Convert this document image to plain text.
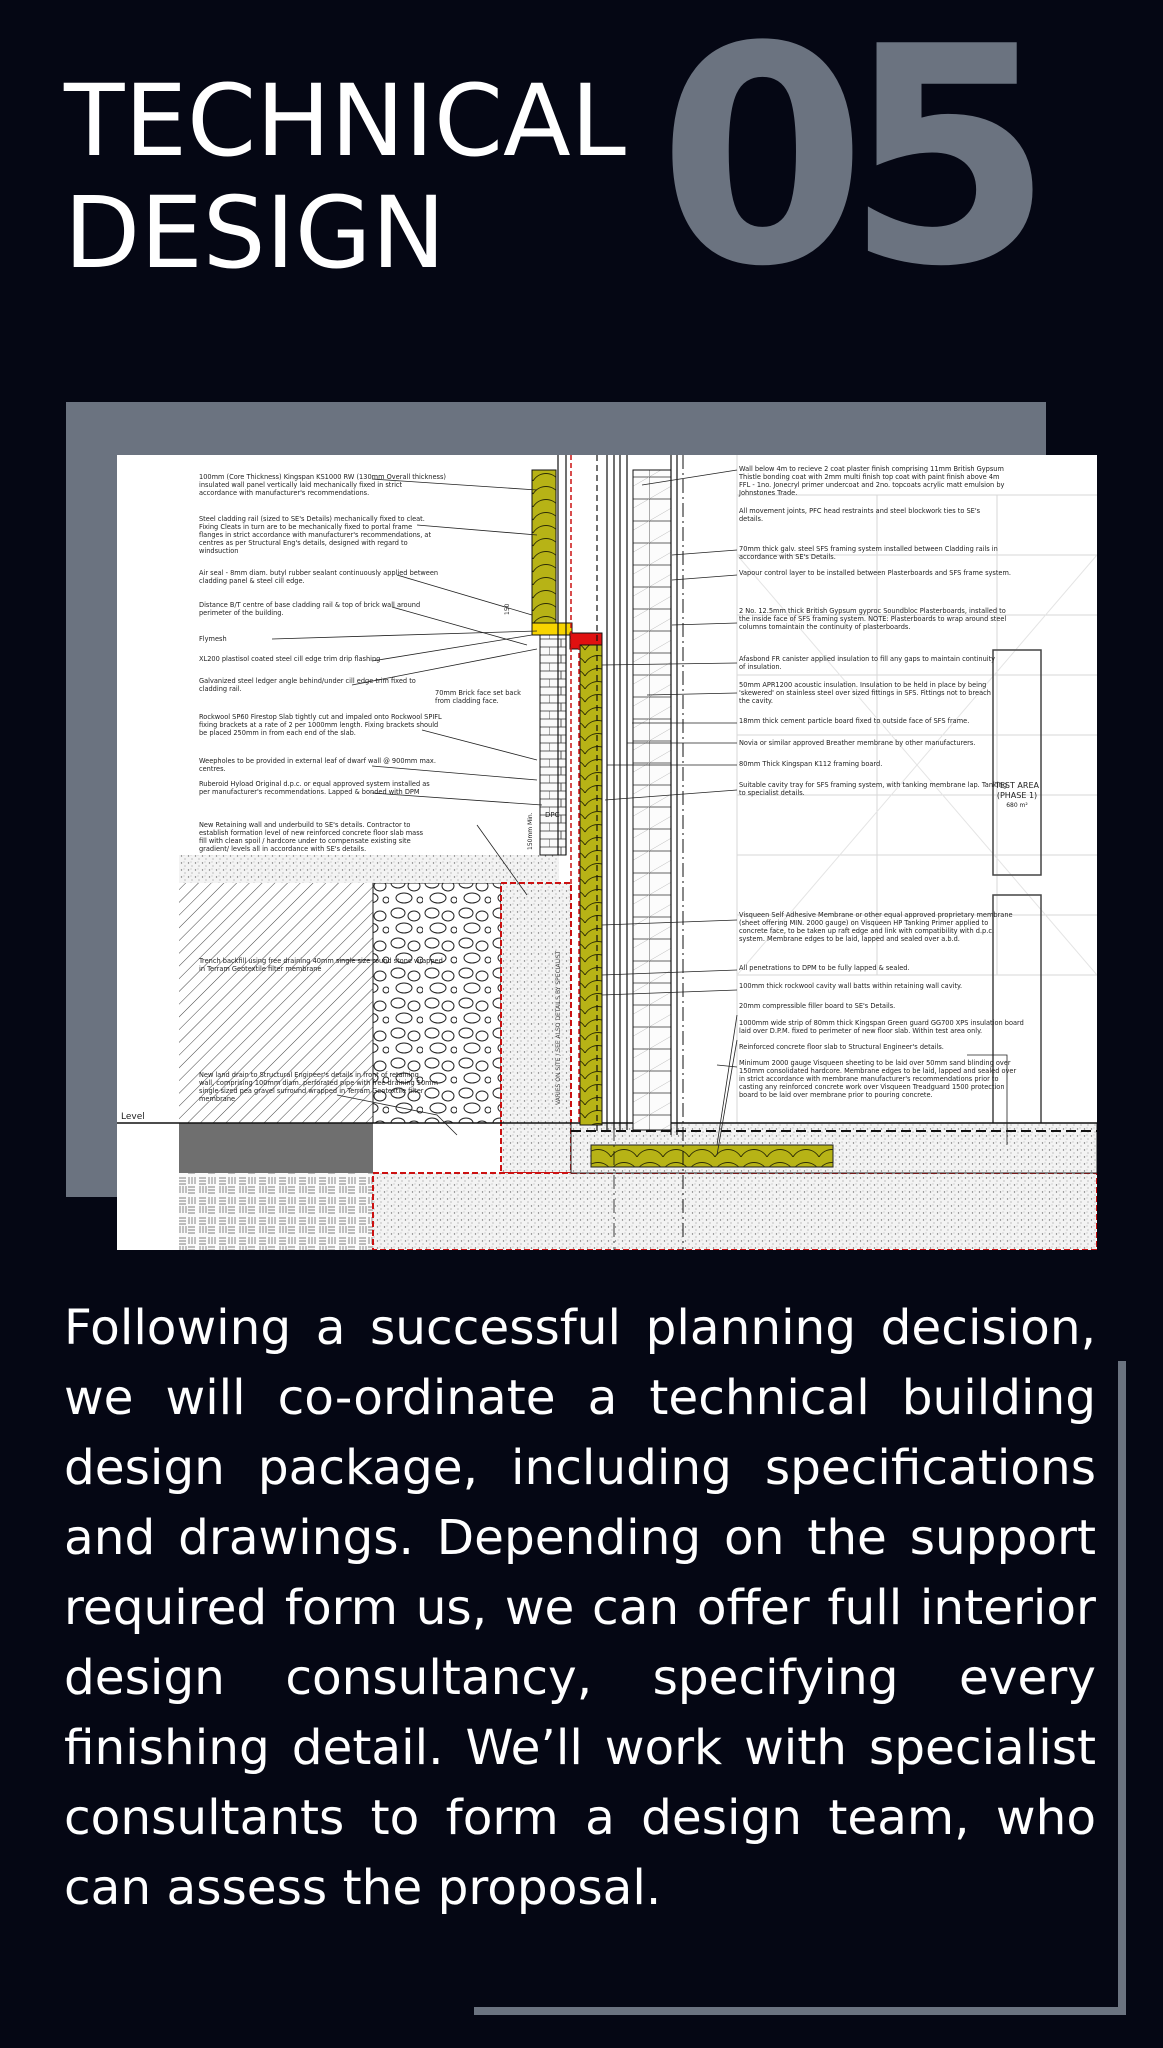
05
TECHNICAL
DESIGN
100mm (Core Thickness) Kingspan KS1000 RW (130mm Overall thickness) insulated wall panel vertically laid mechanically fixed in strict accordance with manufacturer's recommendations.
Steel cladding rail (sized to SE's Details) mechanically fixed to cleat. Fixing Cleats in turn are to be mechanically fixed to portal frame flanges in strict accordance with manufacturer's recommendations, at centres as per Structural Eng's details, designed with regard to windsuction
Air seal - 8mm diam. butyl rubber sealant continuously applied between cladding panel & steel cill edge.
Distance B/T centre of base cladding rail & top of brick wall around perimeter of the building.
Flymesh
XL200 plastisol coated steel cill edge trim drip flashing
Galvanized steel ledger angle behind/under cill edge trim fixed to cladding rail.
Rockwool SP60 Firestop Slab tightly cut and impaled onto Rockwool SPIFL fixing brackets at a rate of 2 per 1000mm length. Fixing brackets should be placed 250mm in from each end of the slab.
Weepholes to be provided in external leaf of dwarf wall @ 900mm max. centres.
Ruberoid Hyload Original d.p.c. or equal approved system installed as per manufacturer's recommendations. Lapped & bonded with DPM
New Retaining wall and underbuild to SE's details. Contractor to establish formation level of new reinforced concrete floor slab mass fill with clean spoil / hardcore under to compensate existing site gradient/ levels all in accordance with SE's details.
Trench backfill using free draining 40mm single size round stone wrapped in Terram Geotextile filter membrane
New land drain to Structural Engineer's details in front of retaining wall, comprising 100mm diam. perforated pipe with free draining 10mm single sized pea gravel surround wrapped in Terram Geotextile filter membrane
Wall below 4m to recieve 2 coat plaster finish comprising 11mm British Gypsum Thistle bonding coat with 2mm multi finish top coat with paint finish above 4m FFL - 1no. Jonecryl primer undercoat and 2no. topcoats acrylic matt emulsion by Johnstones Trade.
All movement joints, PFC head restraints and steel blockwork ties to SE's details.
70mm thick galv. steel SFS framing system installed between Cladding rails in accordance with SE's Details.
Vapour control layer to be installed between Plasterboards and SFS frame system.
2 No. 12.5mm thick British Gypsum gyproc Soundbloc Plasterboards, installed to the inside face of SFS framing system. NOTE: Plasterboards to wrap around steel columns tomaintain the continuity of plasterboards.
Afasbond FR canister applied insulation to fill any gaps to maintain continuity of insulation.
50mm APR1200 acoustic insulation. Insulation to be held in place by being 'skewered' on stainless steel over sized fittings in SFS. Fittings not to breach the cavity.
18mm thick cement particle board fixed to outside face of SFS frame.
Novia or similar approved Breather membrane by other manufacturers.
80mm Thick Kingspan K112 framing board.
Suitable cavity tray for SFS framing system, with tanking membrane lap. Tanking to specialist details.
Visqueen Self Adhesive Membrane or other equal approved proprietary membrane (sheet offering MIN. 2000 gauge) on Visqueen HP Tanking Primer applied to concrete face, to be taken up raft edge and link with compatibility with d.p.c. system. Membrane edges to be laid, lapped and sealed over a.b.d.
All penetrations to DPM to be fully lapped & sealed.
100mm thick rockwool cavity wall batts within retaining wall cavity.
20mm compressible filler board to SE's Details.
1000mm wide strip of 80mm thick Kingspan Green guard GG700 XPS insulation board laid over D.P.M. fixed to perimeter of new floor slab. Within test area only.
Reinforced concrete floor slab to Structural Engineer's details.
Minimum 2000 gauge Visqueen sheeting to be laid over 50mm sand blinding over 150mm consolidated hardcore. Membrane edges to be laid, lapped and sealed over in strict accordance with membrane manufacturer's recommendations prior to casting any reinforced concrete work over Visqueen Treadguard 1500 protection board to be laid over membrane prior to pouring concrete.
70mm Brick face set back from cladding face.
DPC
Level
150
150mm Min.
VARIES ON SITE / SEE ALSO DETAILS BY SPECIALIST
TEST AREA
(PHASE 1)
680 m²

Following a successful planning decision, we will co-ordinate a technical building design package, including specifications and drawings. Depending on the support required form us, we can offer full interior design consultancy, specifying every finishing detail. We’ll work with specialist consultants to form a design team, who can assess the proposal.
